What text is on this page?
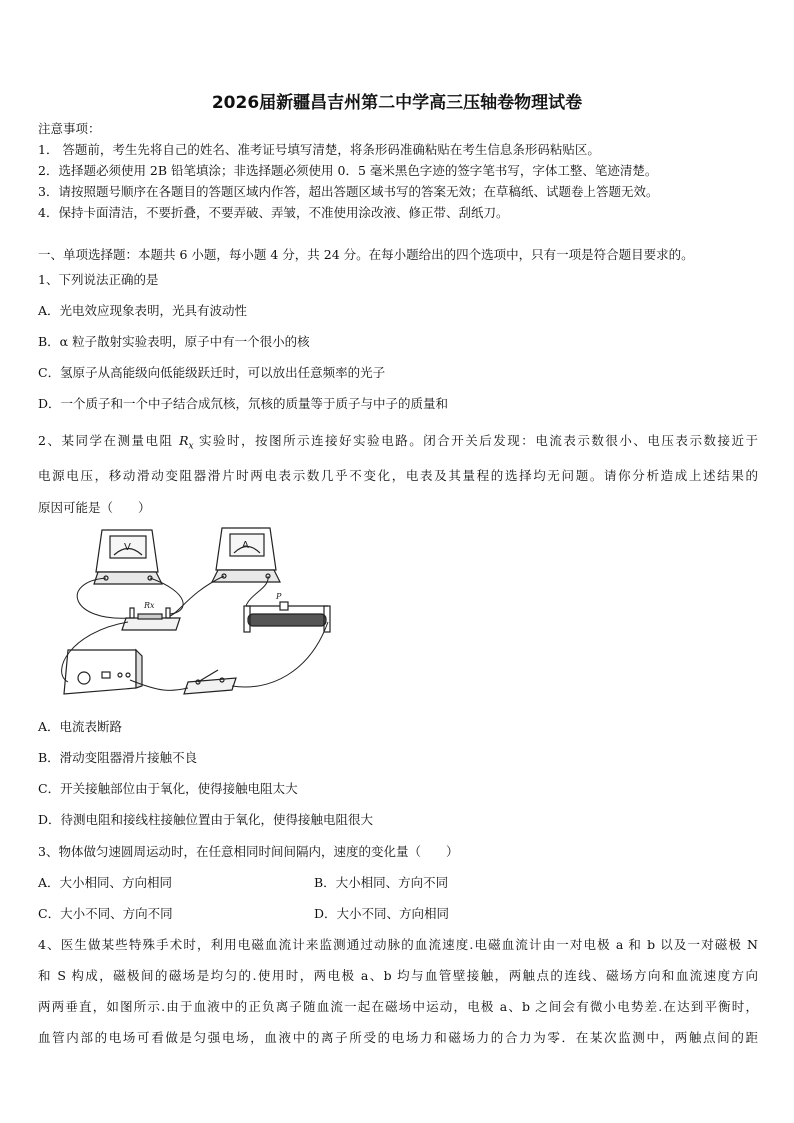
2026届新疆昌吉州第二中学高三压轴卷物理试卷
注意事项：
1． 答题前，考生先将自己的姓名、准考证号填写清楚，将条形码准确粘贴在考生信息条形码粘贴区。
2．选择题必须使用 2B 铅笔填涂；非选择题必须使用 0．5 毫米黑色字迹的签字笔书写，字体工整、笔迹清楚。
3．请按照题号顺序在各题目的答题区域内作答，超出答题区域书写的答案无效；在草稿纸、试题卷上答题无效。
4．保持卡面清洁，不要折叠，不要弄破、弄皱，不准使用涂改液、修正带、刮纸刀。
一、单项选择题：本题共 6 小题，每小题 4 分，共 24 分。在每小题给出的四个选项中，只有一项是符合题目要求的。
1、下列说法正确的是
A．光电效应现象表明，光具有波动性
B．α 粒子散射实验表明，原子中有一个很小的核
C．氢原子从高能级向低能级跃迁时，可以放出任意频率的光子
D．一个质子和一个中子结合成氘核，氘核的质量等于质子与中子的质量和
2、某同学在测量电阻 $R_x$ 实验时，按图所示连接好实验电路。闭合开关后发现：电流表示数很小、电压表示数接近于
电源电压，移动滑动变阻器滑片时两电表示数几乎不变化，电表及其量程的选择均无问题。请你分析造成上述结果的
原因可能是（　　）
V	A
Rx
P
A．电流表断路
B．滑动变阻器滑片接触不良
C．开关接触部位由于氧化，使得接触电阻太大
D．待测电阻和接线柱接触位置由于氧化，使得接触电阻很大
3、物体做匀速圆周运动时，在任意相同时间间隔内，速度的变化量（　　）
A．大小相同、方向相同	B．大小相同、方向不同
C．大小不同、方向不同	D．大小不同、方向相同
4、医生做某些特殊手术时，利用电磁血流计来监测通过动脉的血流速度.电磁血流计由一对电极 a 和 b 以及一对磁极 N
和 S 构成，磁极间的磁场是均匀的.使用时，两电极 a、b 均与血管壁接触，两触点的连线、磁场方向和血流速度方向
两两垂直，如图所示.由于血液中的正负离子随血流一起在磁场中运动，电极 a、b 之间会有微小电势差.在达到平衡时，
血管内部的电场可看做是匀强电场，血液中的离子所受的电场力和磁场力的合力为零．在某次监测中，两触点间的距
